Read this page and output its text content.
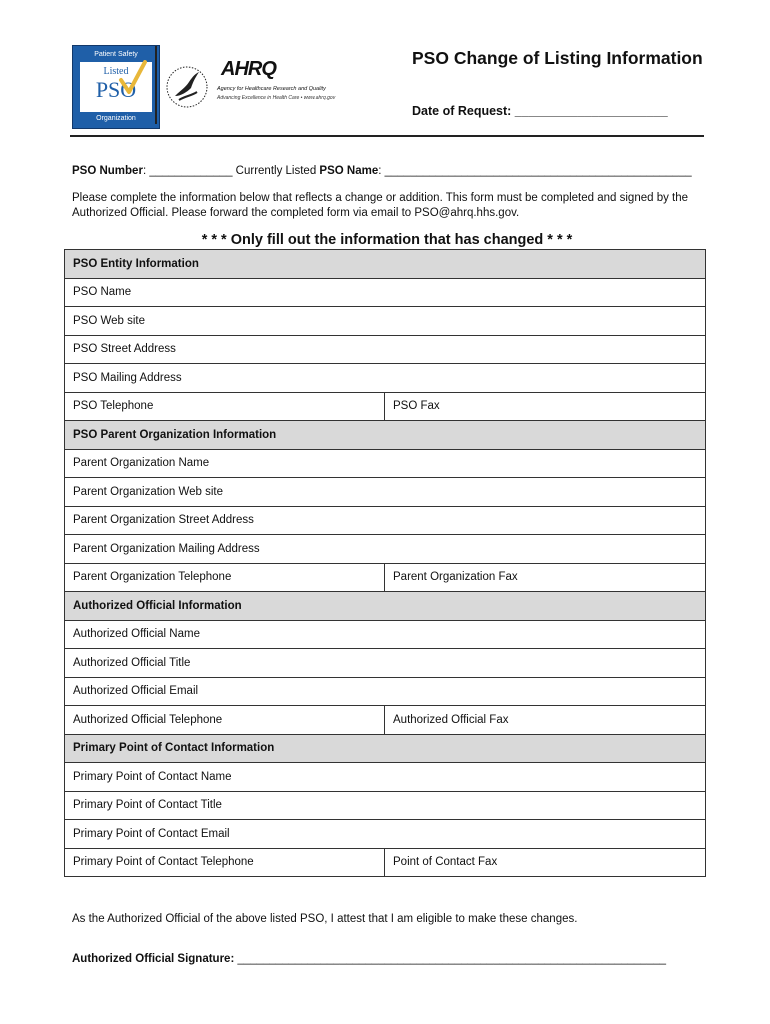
Patient Safety
Listed
PSO
Organization
AHRQ
Agency for Healthcare Research and Quality
Advancing Excellence in Health Care • www.ahrq.gov
PSO Change of Listing Information
Date of Request: ______________________
PSO Number: _____________ Currently Listed PSO Name: ________________________________________________
Please complete the information below that reflects a change or addition. This form must be completed and signed by the Authorized Official. Please forward the completed form via email to PSO@ahrq.hhs.gov.
* * * Only fill out the information that has changed * * *
PSO Entity Information	
PSO Name	
PSO Web site	
PSO Street Address	
PSO Mailing Address	
PSO Telephone	PSO Fax
PSO Parent Organization Information	
Parent Organization Name	
Parent Organization Web site	
Parent Organization Street Address	
Parent Organization Mailing Address	
Parent Organization Telephone	Parent Organization Fax
Authorized Official Information	
Authorized Official Name	
Authorized Official Title	
Authorized Official Email	
Authorized Official Telephone	Authorized Official Fax
Primary Point of Contact Information	
Primary Point of Contact Name	
Primary Point of Contact Title	
Primary Point of Contact Email	
Primary Point of Contact Telephone	Point of Contact Fax
As the Authorized Official of the above listed PSO, I attest that I am eligible to make these changes.
Authorized Official Signature: ___________________________________________________________________
